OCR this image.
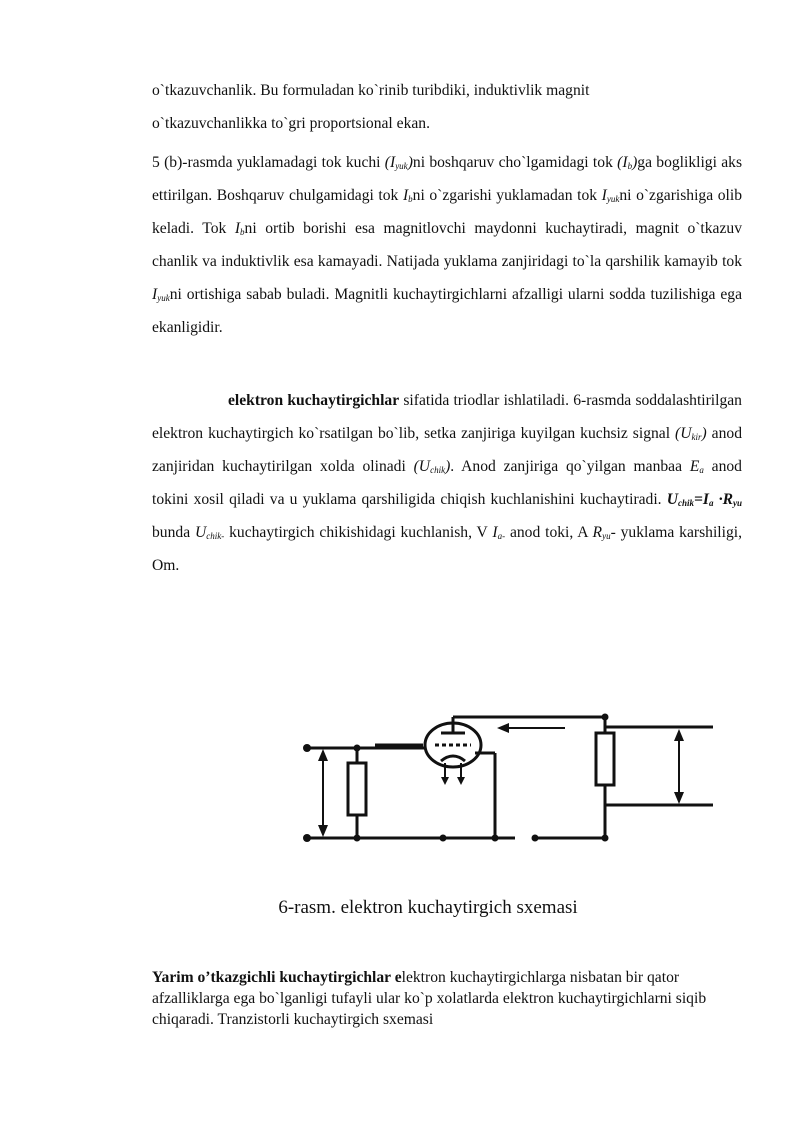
o`tkazuvchanlik. Bu formuladan ko`rinib turibdiki, induktivlik magnit
o`tkazuvchanlikka to`gri proportsional ekan.

5 (b)-rasmda yuklamadagi tok kuchi $(I_{yuk})ni$ boshqaruv cho`lgamidagi tok $(I_b)ga$ boglikligi aks ettirilgan. Boshqaruv chulgamidagi tok $I_bni$ o`zgarishi yuklamadan tok $I_{yuk}ni$ o`zgarishiga olib keladi. Tok $I_bni$ ortib borishi esa magnitlovchi maydonni kuchaytiradi, magnit o`tkazuv chanlik va induktivlik esa kamayadi. Natijada yuklama zanjiridagi to`la qarshilik kamayib tok $I_{yuk}ni$ ortishiga sabab buladi. Magnitli kuchaytirgichlarni afzalligi ularni sodda tuzilishiga ega ekanligidir.

elektron kuchaytirgichlar sifatida triodlar ishlatiladi. 6-rasmda soddalashtirilgan elektron kuchaytirgich ko`rsatilgan bo`lib, setka zanjiriga kuyilgan kuchsiz signal $(U_{kir})$ anod zanjiridan kuchaytirilgan xolda olinadi $(U_{chik})$. Anod zanjiriga qo`yilgan manbaa $E_a$ anod tokini xosil qiladi va u yuklama qarshiligida chiqish kuchlanishini kuchaytiradi. $U_{chik}=I_a \cdot R_{yu}$ bunda $U_{chik-}$ kuchaytirgich chikishidagi kuchlanish, V $I_{a-}$ anod toki, A $R_{yu}-$ yuklama karshiligi, Om.

6-rasm. elektron kuchaytirgich sxemasi

Yarim o’tkazgichli kuchaytirgichlar elektron kuchaytirgichlarga nisbatan bir qator afzalliklarga ega bo`lganligi tufayli ular ko`p xolatlarda elektron kuchaytirgichlarni siqib chiqaradi. Tranzistorli kuchaytirgich sxemasi
